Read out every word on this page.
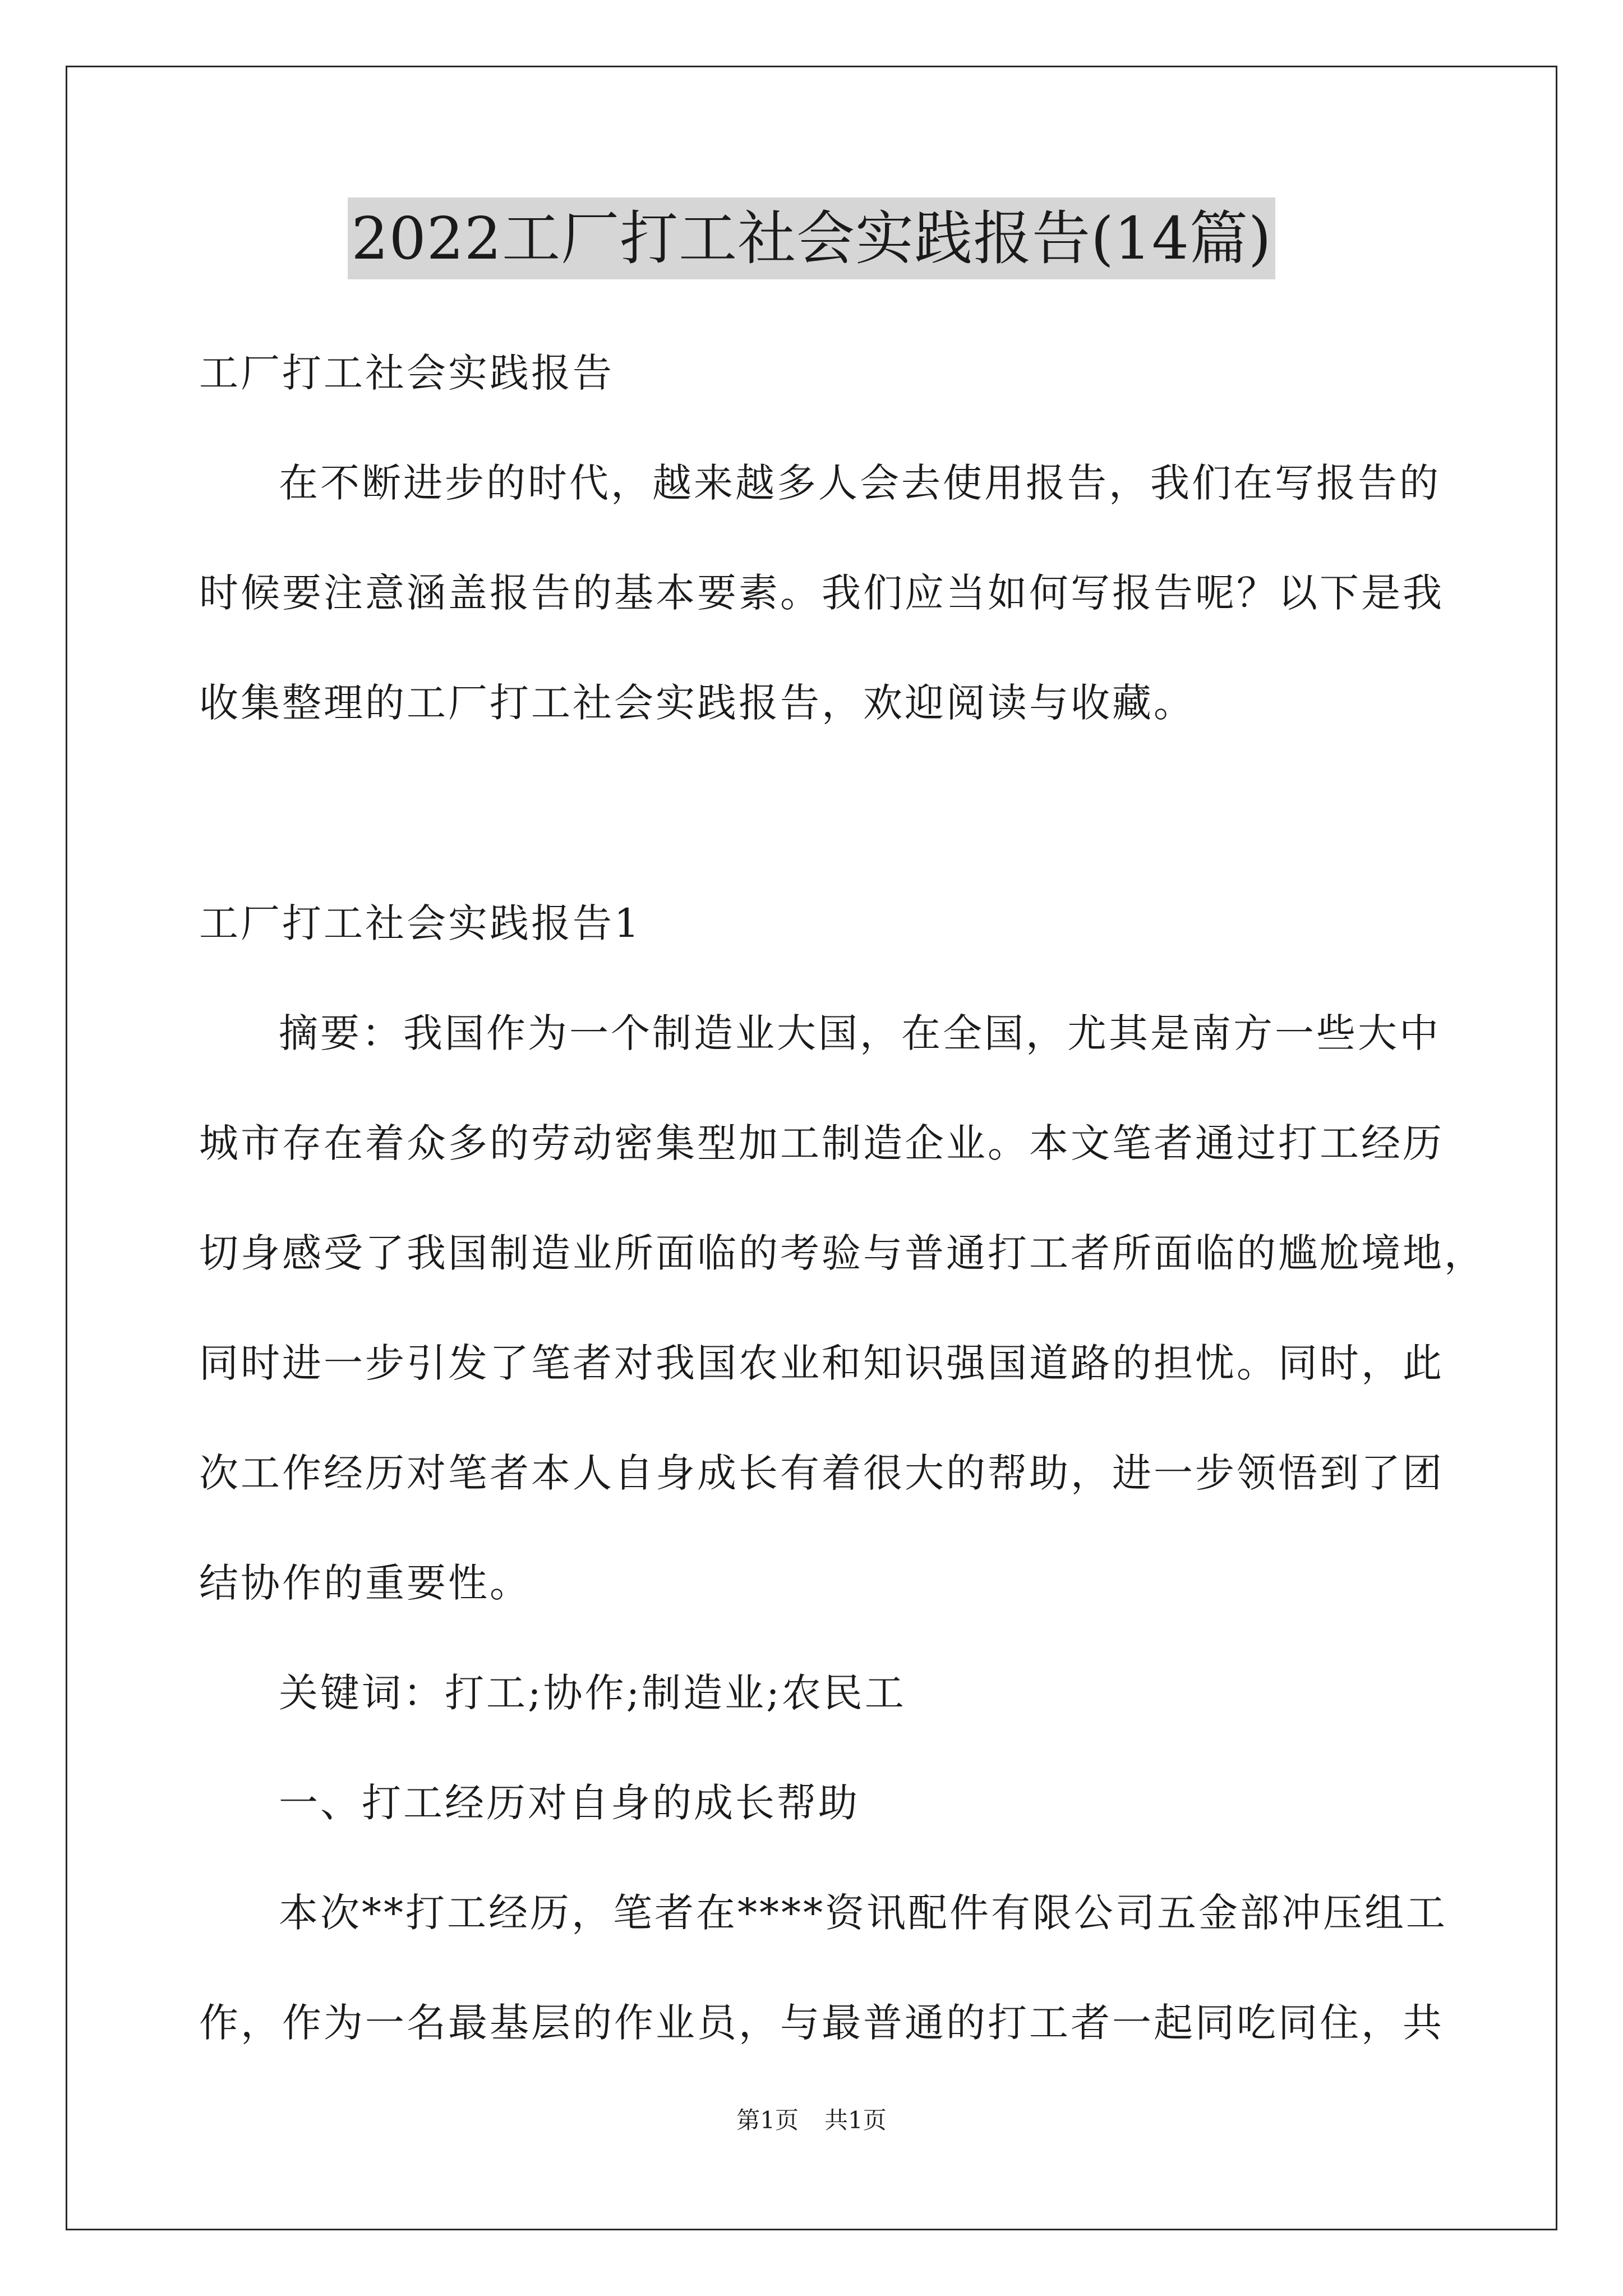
2022工厂打工社会实践报告(14篇)
工厂打工社会实践报告
在不断进步的时代，越来越多人会去使用报告，我们在写报告的
时候要注意涵盖报告的基本要素。我们应当如何写报告呢？以下是我
收集整理的工厂打工社会实践报告，欢迎阅读与收藏。
工厂打工社会实践报告1
摘要：我国作为一个制造业大国，在全国，尤其是南方一些大中
城市存在着众多的劳动密集型加工制造企业。本文笔者通过打工经历
切身感受了我国制造业所面临的考验与普通打工者所面临的尴尬境地，
同时进一步引发了笔者对我国农业和知识强国道路的担忧。同时，此
次工作经历对笔者本人自身成长有着很大的帮助，进一步领悟到了团
结协作的重要性。
关键词：打工;协作;制造业;农民工
一、打工经历对自身的成长帮助
本次**打工经历，笔者在****资讯配件有限公司五金部冲压组工
作，作为一名最基层的作业员，与最普通的打工者一起同吃同住，共
第1页 共1页
